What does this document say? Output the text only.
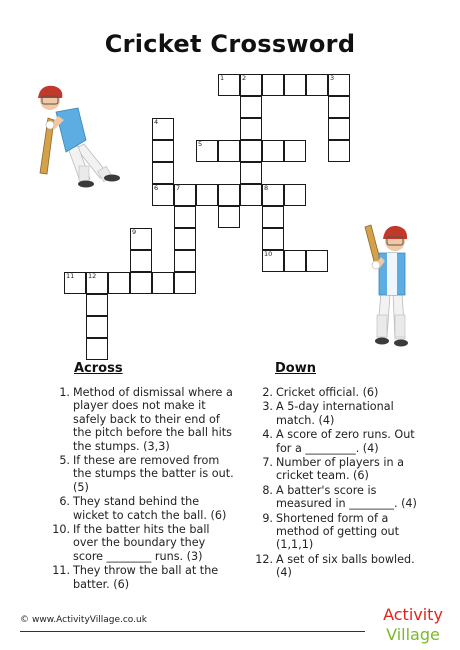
Cricket Crossword
1	2	3
4
5
6	7	8
9
10
11 12
Across	Down
1. Method of dismissal where a player does not make it safely back to their end of the pitch before the ball hits the stumps. (3,3)
5. If these are removed from the stumps the batter is out. (5)
6. They stand behind the wicket to catch the ball. (6)
10. If the batter hits the ball over the boundary they score ________ runs. (3)
11. They throw the ball at the batter. (6)
2. Cricket official. (6)
3. A 5-day international match. (4)
4. A score of zero runs. Out for a _________. (4)
7. Number of players in a cricket team. (6)
8. A batter's score is measured in ________. (4)
9. Shortened form of a method of getting out (1,1,1)
12. A set of six balls bowled. (4)
© www.ActivityVillage.co.uk	Activity
Village
